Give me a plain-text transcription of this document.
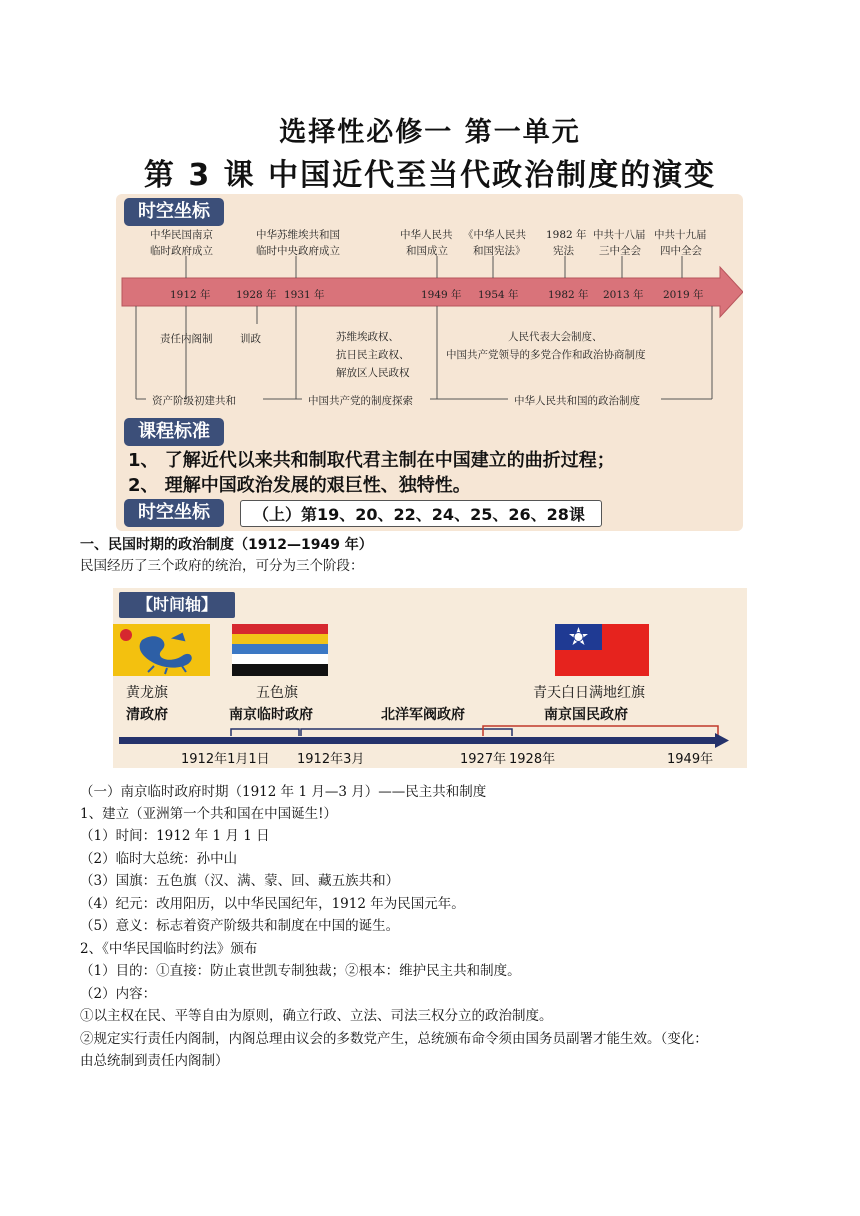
选择性必修一 第一单元
第 3 课 中国近代至当代政治制度的演变
中华民国南京
临时政府成立
中华苏维埃共和国
临时中央政府成立
中华人民共
和国成立
《中华人民共
和国宪法》
1982 年
宪法
中共十八届
三中全会
中共十九届
四中全会
1912 年 1928 年 1931 年	1949 年 1954 年	1982 年 2013 年 2019 年
责任内阁制	训政	苏维埃政权、
抗日民主政权、
解放区人民政权
人民代表大会制度、
中国共产党领导的多党合作和政治协商制度
资产阶级初建共和	中国共产党的制度探索	中华人民共和国的政治制度
时空坐标
课程标准
1、 了解近代以来共和制取代君主制在中国建立的曲折过程；
2、 理解中国政治发展的艰巨性、独特性。
时空坐标	（上）第19、20、22、24、25、26、28课
一、民国时期的政治制度（1912—1949 年）
民国经历了三个政府的统治，可分为三个阶段：
【时间轴】
黄龙旗	五色旗	青天白日满地红旗
清政府	南京临时政府	北洋军阀政府	南京国民政府
1912年1月1日 1912年3月	1927年 1928年	1949年
（一）南京临时政府时期（1912 年 1 月—3 月）——民主共和制度
1、建立（亚洲第一个共和国在中国诞生!）
（1）时间：1912 年 1 月 1 日
（2）临时大总统：孙中山
（3）国旗：五色旗（汉、满、蒙、回、藏五族共和）
（4）纪元：改用阳历，以中华民国纪年，1912 年为民国元年。
（5）意义：标志着资产阶级共和制度在中国的诞生。
2、《中华民国临时约法》颁布
（1）目的：①直接：防止袁世凯专制独裁；②根本：维护民主共和制度。
（2）内容：
①以主权在民、平等自由为原则，确立行政、立法、司法三权分立的政治制度。
②规定实行责任内阁制，内阁总理由议会的多数党产生，总统颁布命令须由国务员副署才能生效。（变化：
由总统制到责任内阁制）
